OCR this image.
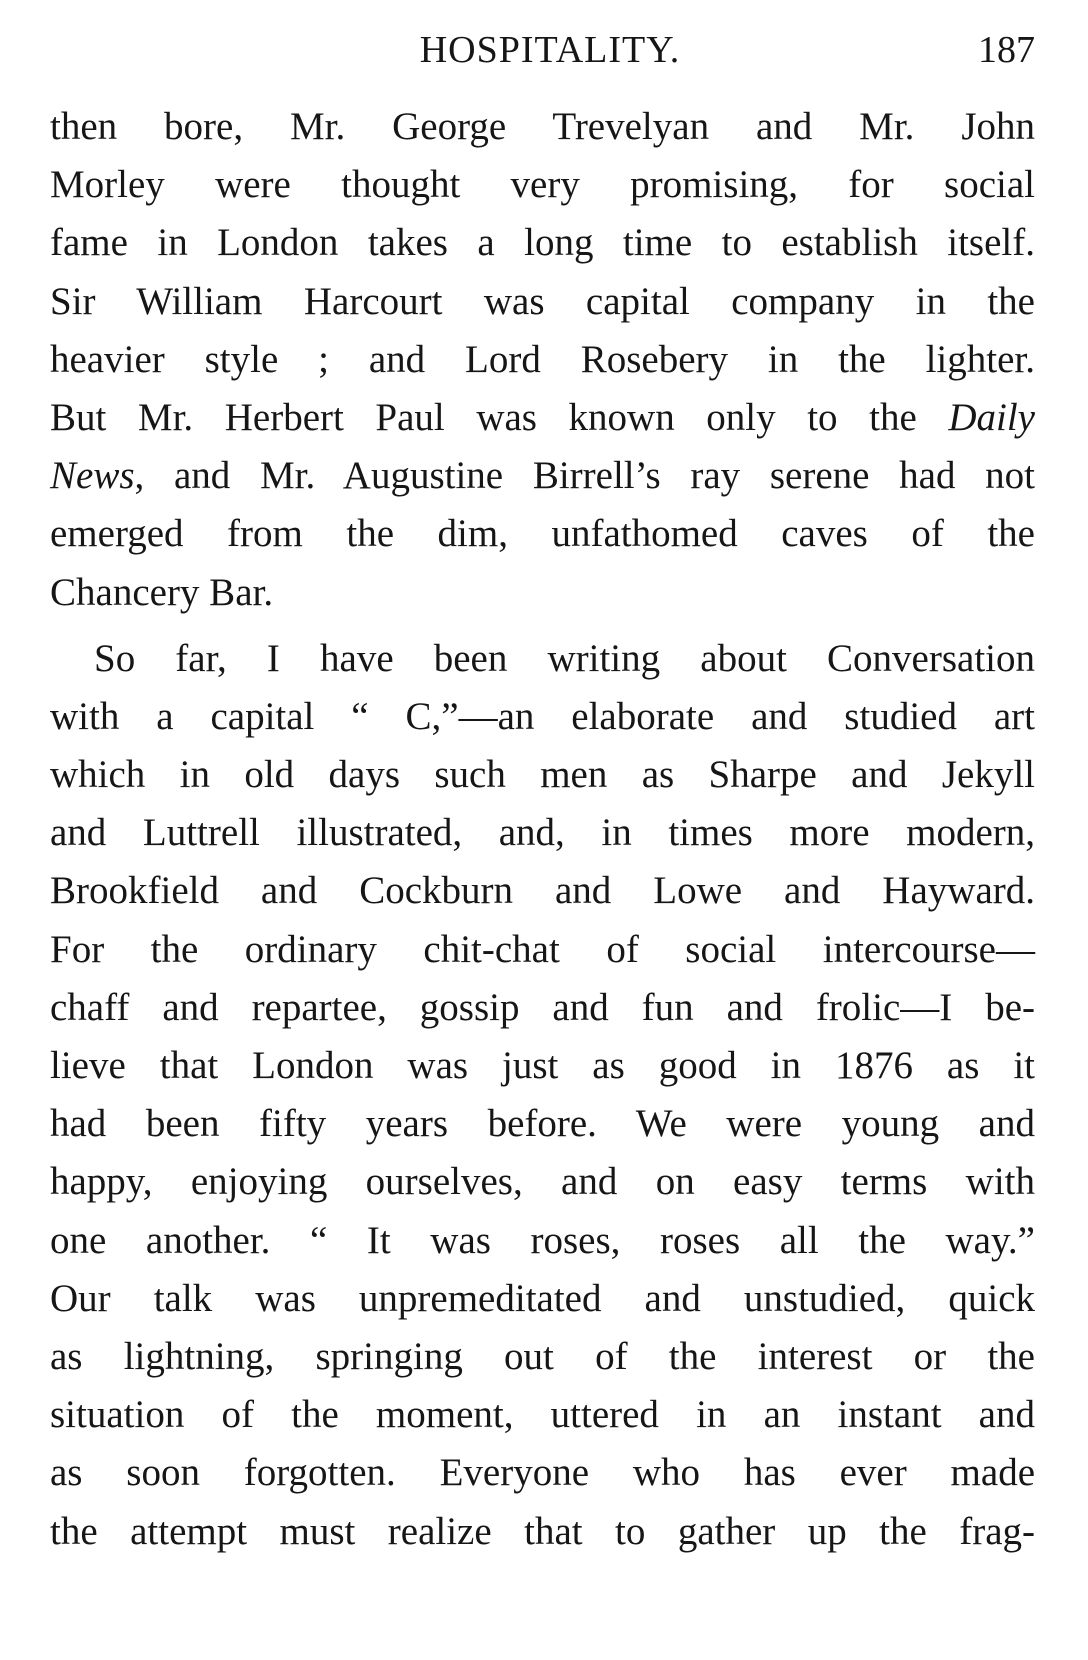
HOSPITALITY.	187
then bore, Mr. George Trevelyan and Mr. John
Morley were thought very promising, for social
fame in London takes a long time to establish itself.
Sir William Harcourt was capital company in the
heavier style ; and Lord Rosebery in the lighter.
But Mr. Herbert Paul was known only to the Daily
News, and Mr. Augustine Birrell’s ray serene had not
emerged from the dim, unfathomed caves of the
Chancery Bar.
So far, I have been writing about Conversation
with a capital “ C,”—an elaborate and studied art
which in old days such men as Sharpe and Jekyll
and Luttrell illustrated, and, in times more modern,
Brookfield and Cockburn and Lowe and Hayward.
For the ordinary chit-chat of social intercourse—
chaff and repartee, gossip and fun and frolic—I be-
lieve that London was just as good in 1876 as it
had been fifty years before. We were young and
happy, enjoying ourselves, and on easy terms with
one another. “ It was roses, roses all the way.”
Our talk was unpremeditated and unstudied, quick
as lightning, springing out of the interest or the
situation of the moment, uttered in an instant and
as soon forgotten. Everyone who has ever made
the attempt must realize that to gather up the frag-
